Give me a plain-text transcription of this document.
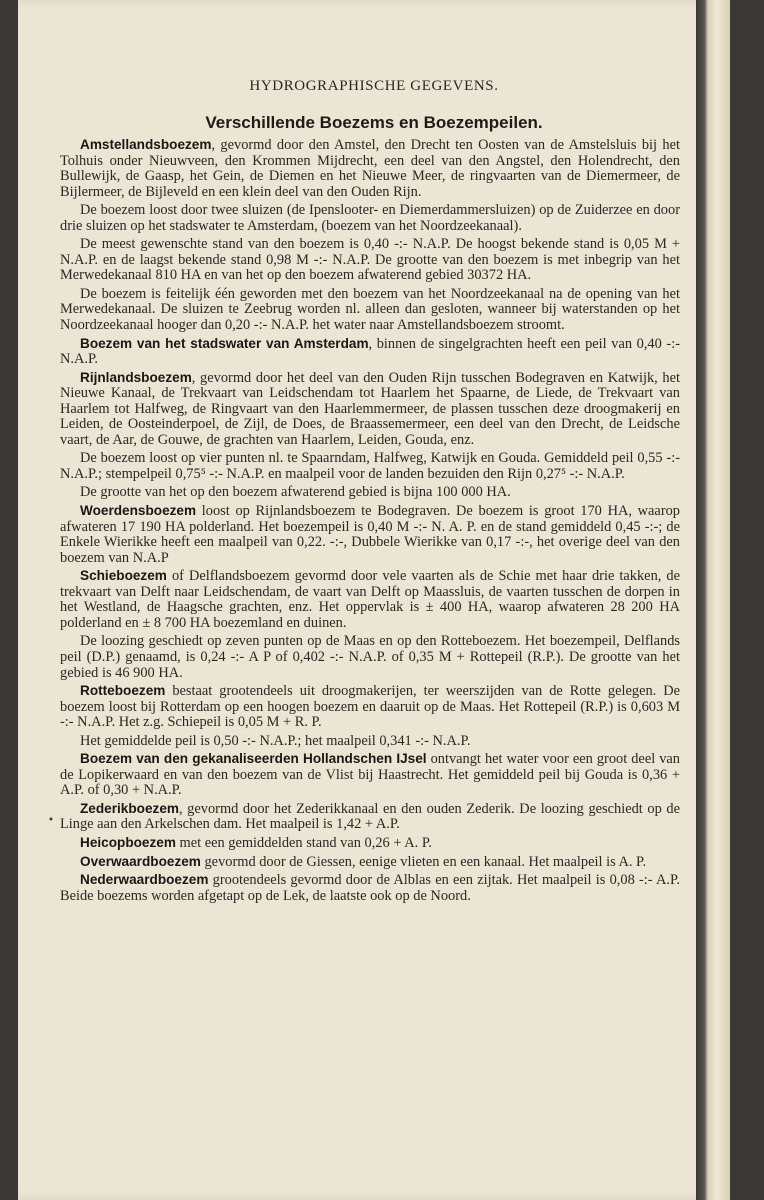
HYDROGRAPHISCHE GEGEVENS.
Verschillende Boezems en Boezempeilen.

Amstellandsboezem, gevormd door den Amstel, den Drecht ten Oosten van de Amstelsluis bij het Tolhuis onder Nieuwveen, den Krommen Mijdrecht, een deel van den Angstel, den Holendrecht, den Bullewijk, de Gaasp, het Gein, de Diemen en het Nieuwe Meer, de ringvaarten van de Diemermeer, de Bijlermeer, de Bijleveld en een klein deel van den Ouden Rijn.

De boezem loost door twee sluizen (de Ipenslooter- en Diemerdammersluizen) op de Zuiderzee en door drie sluizen op het stadswater te Amsterdam, (boezem van het Noordzeekanaal).

De meest gewenschte stand van den boezem is 0,40 -:- N.A.P. De hoogst bekende stand is 0,05 M + N.A.P. en de laagst bekende stand 0,98 M -:- N.A.P. De grootte van den boezem is met inbegrip van het Merwedekanaal 810 HA en van het op den boezem afwaterend gebied 30372 HA.

De boezem is feitelijk één geworden met den boezem van het Noordzeekanaal na de opening van het Merwedekanaal. De sluizen te Zeebrug worden nl. alleen dan gesloten, wanneer bij waterstanden op het Noordzeekanaal hooger dan 0,20 -:- N.A.P. het water naar Amstellandsboezem stroomt.

Boezem van het stadswater van Amsterdam, binnen de singelgrachten heeft een peil van 0,40 -:- N.A.P.

Rijnlandsboezem, gevormd door het deel van den Ouden Rijn tusschen Bodegraven en Katwijk, het Nieuwe Kanaal, de Trekvaart van Leidschendam tot Haarlem het Spaarne, de Liede, de Trekvaart van Haarlem tot Halfweg, de Ringvaart van den Haarlemmermeer, de plassen tusschen deze droogmakerij en Leiden, de Oosteinderpoel, de Zijl, de Does, de Braassemermeer, een deel van den Drecht, de Leidsche vaart, de Aar, de Gouwe, de grachten van Haarlem, Leiden, Gouda, enz.

De boezem loost op vier punten nl. te Spaarndam, Halfweg, Katwijk en Gouda. Gemiddeld peil 0,55 -:- N.A.P.; stempelpeil 0,75⁵ -:- N.A.P. en maalpeil voor de landen bezuiden den Rijn 0,27⁵ -:- N.A.P.

De grootte van het op den boezem afwaterend gebied is bijna 100 000 HA.

Woerdensboezem loost op Rijnlandsboezem te Bodegraven. De boezem is groot 170 HA, waarop afwateren 17 190 HA polderland. Het boezempeil is 0,40 M -:- N. A. P. en de stand gemiddeld 0,45 -:-; de Enkele Wierikke heeft een maalpeil van 0,22. -:-, Dubbele Wierikke van 0,17 -:-, het overige deel van den boezem van N.A.P

Schieboezem of Delflandsboezem gevormd door vele vaarten als de Schie met haar drie takken, de trekvaart van Delft naar Leidschendam, de vaart van Delft op Maassluis, de vaarten tusschen de dorpen in het Westland, de Haagsche grachten, enz. Het oppervlak is ± 400 HA, waarop afwateren 28 200 HA polderland en ± 8 700 HA boezemland en duinen.

De loozing geschiedt op zeven punten op de Maas en op den Rotteboezem. Het boezempeil, Delflands peil (D.P.) genaamd, is 0,24 -:- A P of 0,402 -:- N.A.P. of 0,35 M + Rottepeil (R.P.). De grootte van het gebied is 46 900 HA.

Rotteboezem bestaat grootendeels uit droogmakerijen, ter weerszijden van de Rotte gelegen. De boezem loost bij Rotterdam op een hoogen boezem en daaruit op de Maas. Het Rottepeil (R.P.) is 0,603 M -:- N.A.P. Het z.g. Schiepeil is 0,05 M + R. P.

Het gemiddelde peil is 0,50 -:- N.A.P.; het maalpeil 0,341 -:- N.A.P.

Boezem van den gekanaliseerden Hollandschen IJsel ontvangt het water voor een groot deel van de Lopikerwaard en van den boezem van de Vlist bij Haastrecht. Het gemiddeld peil bij Gouda is 0,36 + A.P. of 0,30 + N.A.P.

Zederikboezem, gevormd door het Zederikkanaal en den ouden Zederik. De loozing geschiedt op de Linge aan den Arkelschen dam. Het maalpeil is 1,42 + A.P.

Heicopboezem met een gemiddelden stand van 0,26 + A. P.

Overwaardboezem gevormd door de Giessen, eenige vlieten en een kanaal. Het maalpeil is A. P.

Nederwaardboezem grootendeels gevormd door de Alblas en een zijtak. Het maalpeil is 0,08 -:- A.P. Beide boezems worden afgetapt op de Lek, de laatste ook op de Noord.

•
